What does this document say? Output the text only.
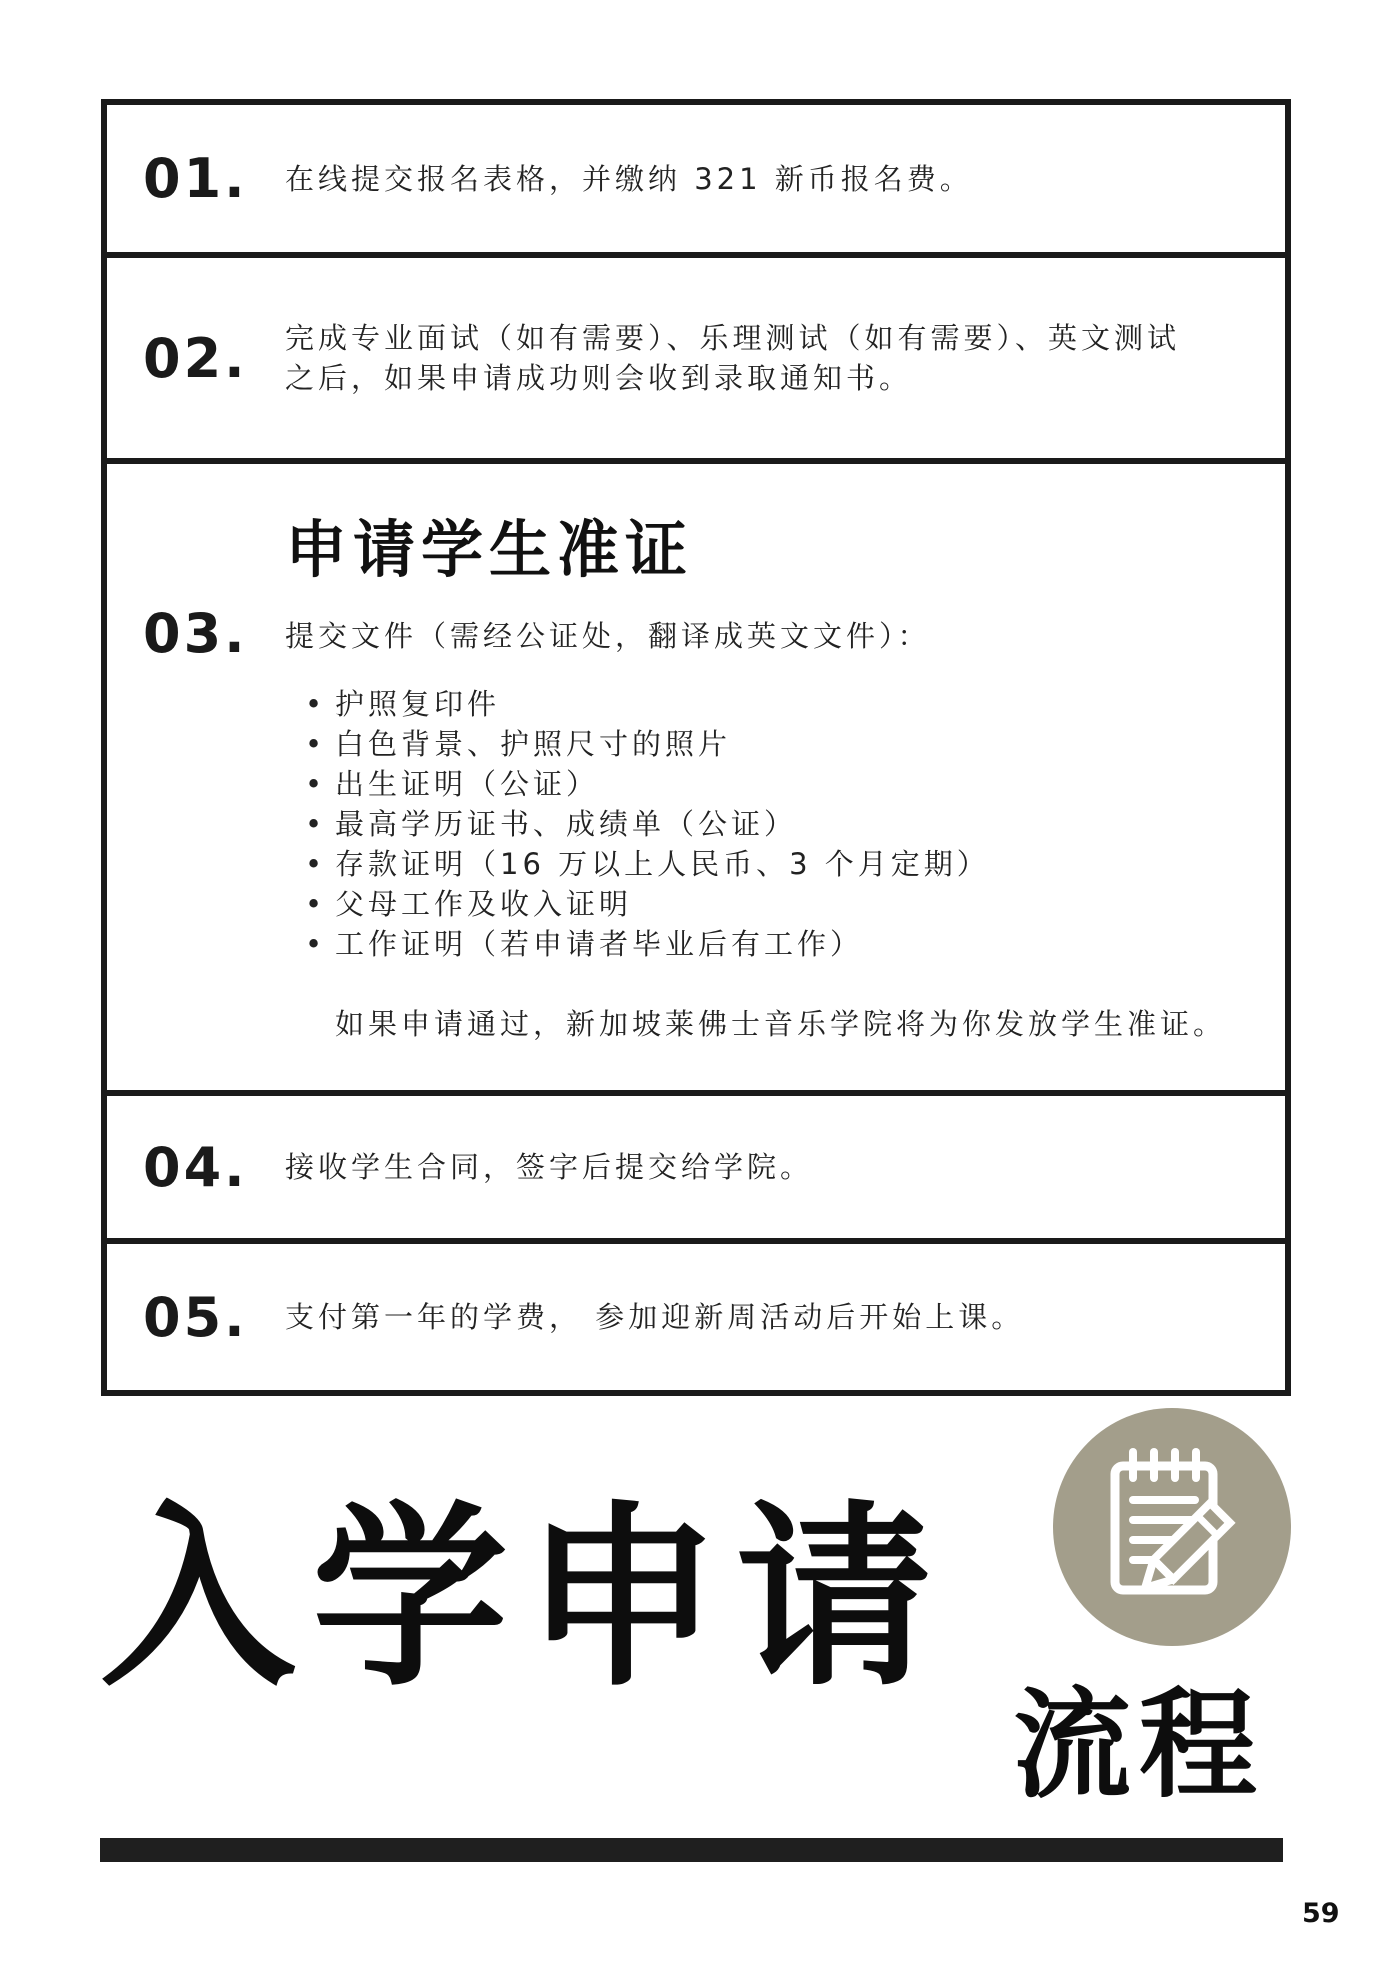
01. 在线提交报名表格，并缴纳 321 新币报名费。
02. 完成专业面试（如有需要）、乐理测试（如有需要）、英文测试
之后，如果申请成功则会收到录取通知书。
申请学生准证
03. 提交文件（需经公证处，翻译成英文文件）：
• 护照复印件
• 白色背景、护照尺寸的照片
• 出生证明（公证）
• 最高学历证书、成绩单（公证）
• 存款证明（16 万以上人民币、3 个月定期）
• 父母工作及收入证明
• 工作证明（若申请者毕业后有工作）
如果申请通过，新加坡莱佛士音乐学院将为你发放学生准证。
04. 接收学生合同，签字后提交给学院。
05. 支付第一年的学费， 参加迎新周活动后开始上课。
入学申请
流程
59
